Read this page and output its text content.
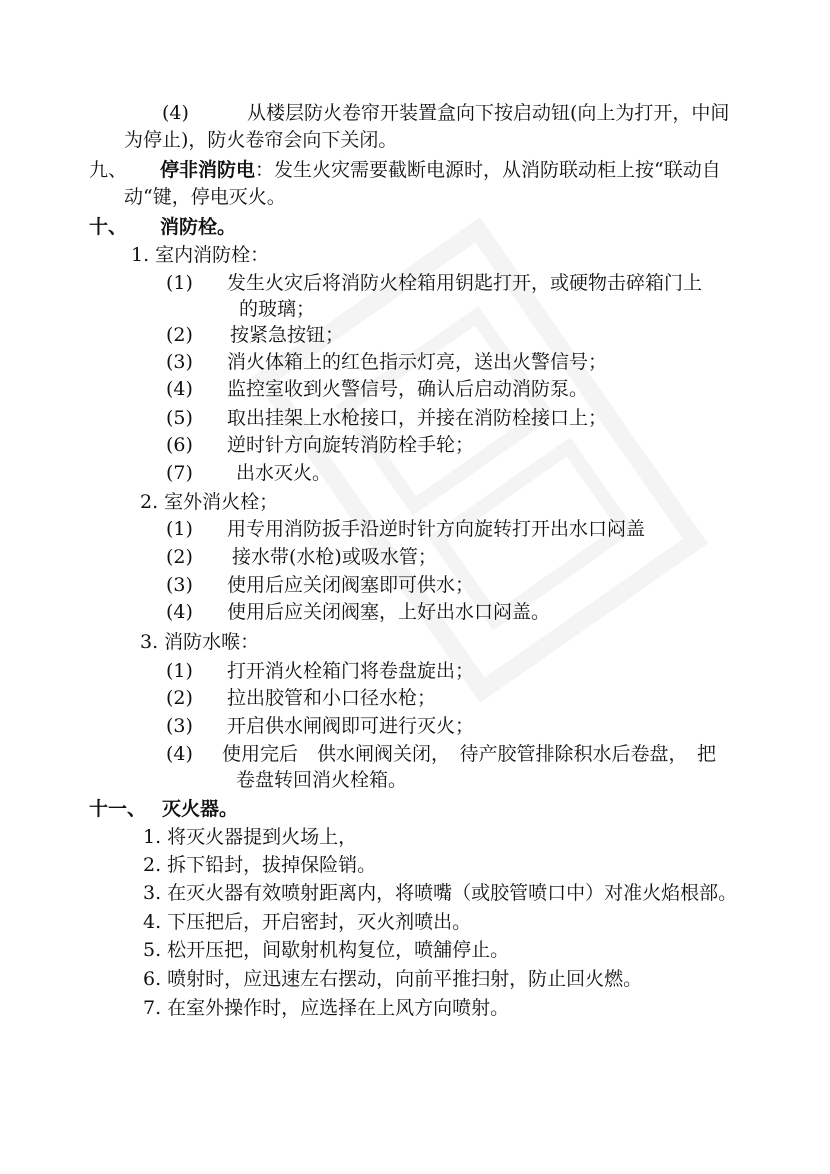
(4)	从楼层防火卷帘开装置盒向下按启动钮(向上为打开，中间
为停止)，防火卷帘会向下关闭。
九、 停非消防电：发生火灾需要截断电源时，从消防联动柜上按“联动自
动“键，停电灭火。
十、 消防栓。
1. 室内消防栓：
(1) 发生火灾后将消防火栓箱用钥匙打开，或硬物击碎箱门上
的玻璃；
(2) 按紧急按钮；
(3) 消火体箱上的红色指示灯亮，送出火警信号；
(4) 监控室收到火警信号，确认后启动消防泵。
(5) 取出挂架上水枪接口，并接在消防栓接口上；
(6) 逆时针方向旋转消防栓手轮；
(7) 出水灭火。
2. 室外消火栓；
(1) 用专用消防扳手沿逆时针方向旋转打开出水口闷盖
(2) 接水带(水枪)或吸水管；
(3) 使用后应关闭阀塞即可供水；
(4) 使用后应关闭阀塞，上好出水口闷盖。
3. 消防水喉：
(1) 打开消火栓箱门将卷盘旋出；
(2) 拉出胶管和小口径水枪；
(3) 开启供水闸阀即可进行灭火；
(4) 使用完后　供水闸阀关闭，　待产胶管排除积水后卷盘，　把
卷盘转回消火栓箱。
十一、 灭火器。
1. 将灭火器提到火场上，
2. 拆下铅封，拔掉保险销。
3. 在灭火器有效喷射距离内，将喷嘴（或胶管喷口中）对准火焰根部。
4. 下压把后，开启密封，灭火剂喷出。
5. 松开压把，间歇射机构复位，喷舖停止。
6. 喷射时，应迅速左右摆动，向前平推扫射，防止回火燃。
7. 在室外操作时，应选择在上风方向喷射。
